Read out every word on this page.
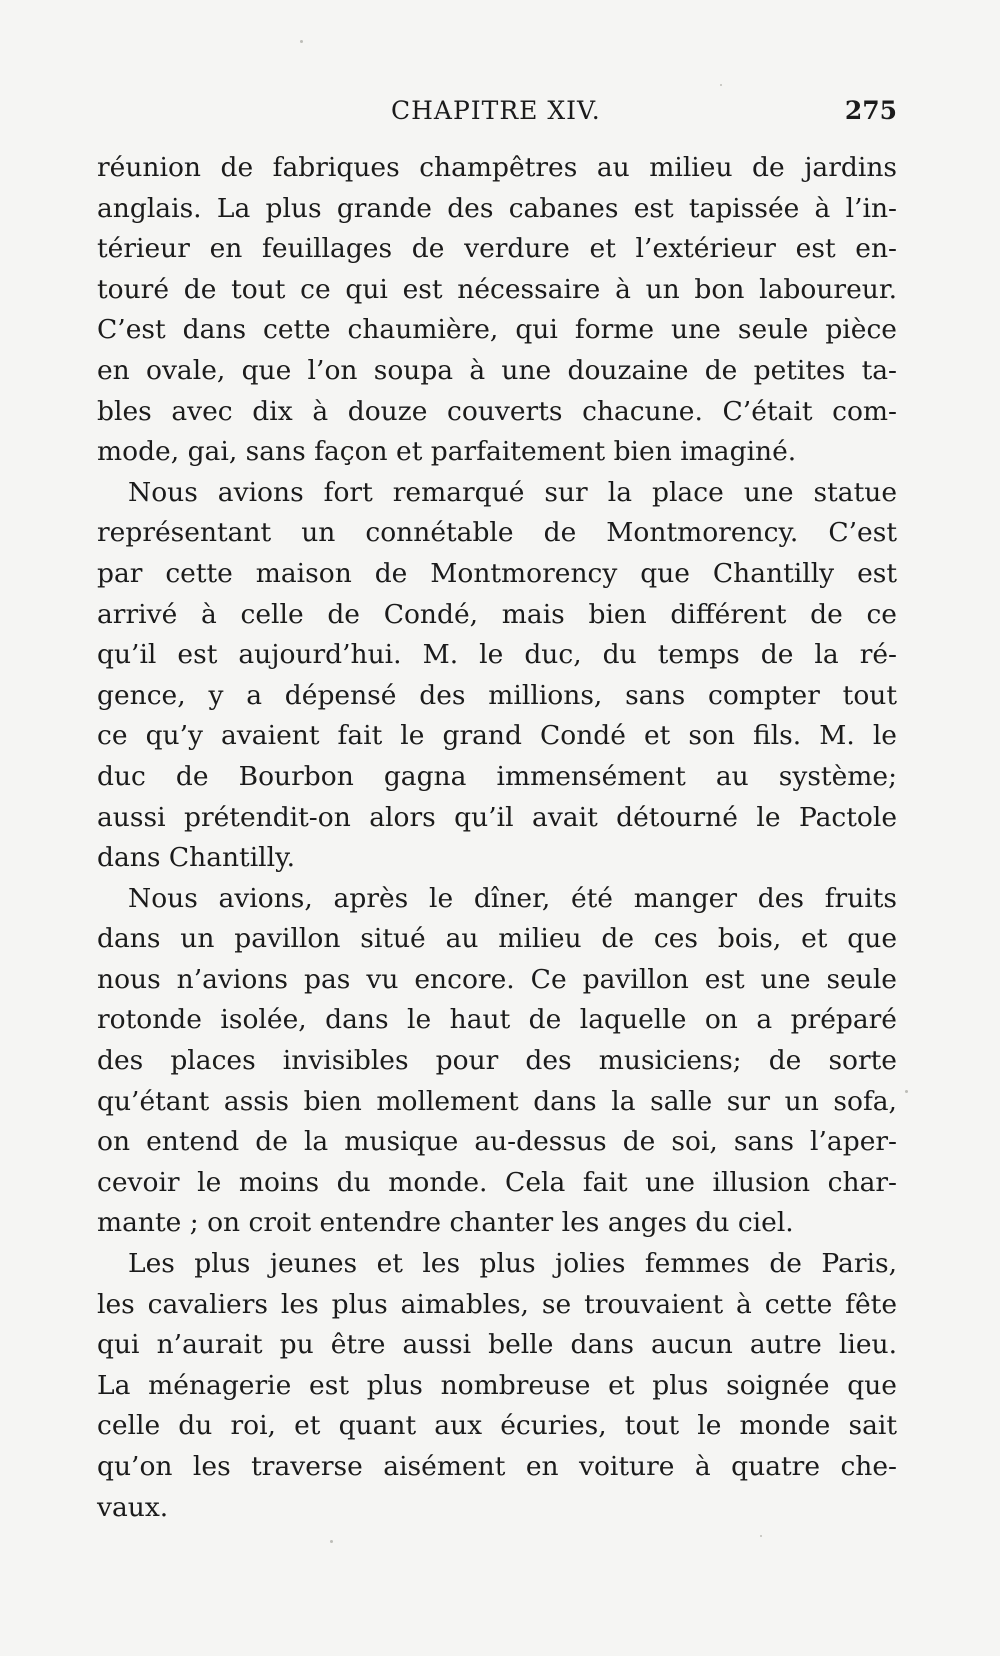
CHAPITRE XIV.	275
réunion de fabriques champêtres au milieu de jardins
anglais. La plus grande des cabanes est tapissée à l’in-
térieur en feuillages de verdure et l’extérieur est en-
touré de tout ce qui est nécessaire à un bon laboureur.
C’est dans cette chaumière, qui forme une seule pièce
en ovale, que l’on soupa à une douzaine de petites ta-
bles avec dix à douze couverts chacune. C’était com-
mode, gai, sans façon et parfaitement bien imaginé.
Nous avions fort remarqué sur la place une statue
représentant un connétable de Montmorency. C’est
par cette maison de Montmorency que Chantilly est
arrivé à celle de Condé, mais bien différent de ce
qu’il est aujourd’hui. M. le duc, du temps de la ré-
gence, y a dépensé des millions, sans compter tout
ce qu’y avaient fait le grand Condé et son fils. M. le
duc de Bourbon gagna immensément au système;
aussi prétendit-on alors qu’il avait détourné le Pactole
dans Chantilly.
Nous avions, après le dîner, été manger des fruits
dans un pavillon situé au milieu de ces bois, et que
nous n’avions pas vu encore. Ce pavillon est une seule
rotonde isolée, dans le haut de laquelle on a préparé
des places invisibles pour des musiciens; de sorte
qu’étant assis bien mollement dans la salle sur un sofa,
on entend de la musique au-dessus de soi, sans l’aper-
cevoir le moins du monde. Cela fait une illusion char-
mante ; on croit entendre chanter les anges du ciel.
Les plus jeunes et les plus jolies femmes de Paris,
les cavaliers les plus aimables, se trouvaient à cette fête
qui n’aurait pu être aussi belle dans aucun autre lieu.
La ménagerie est plus nombreuse et plus soignée que
celle du roi, et quant aux écuries, tout le monde sait
qu’on les traverse aisément en voiture à quatre che-
vaux.
